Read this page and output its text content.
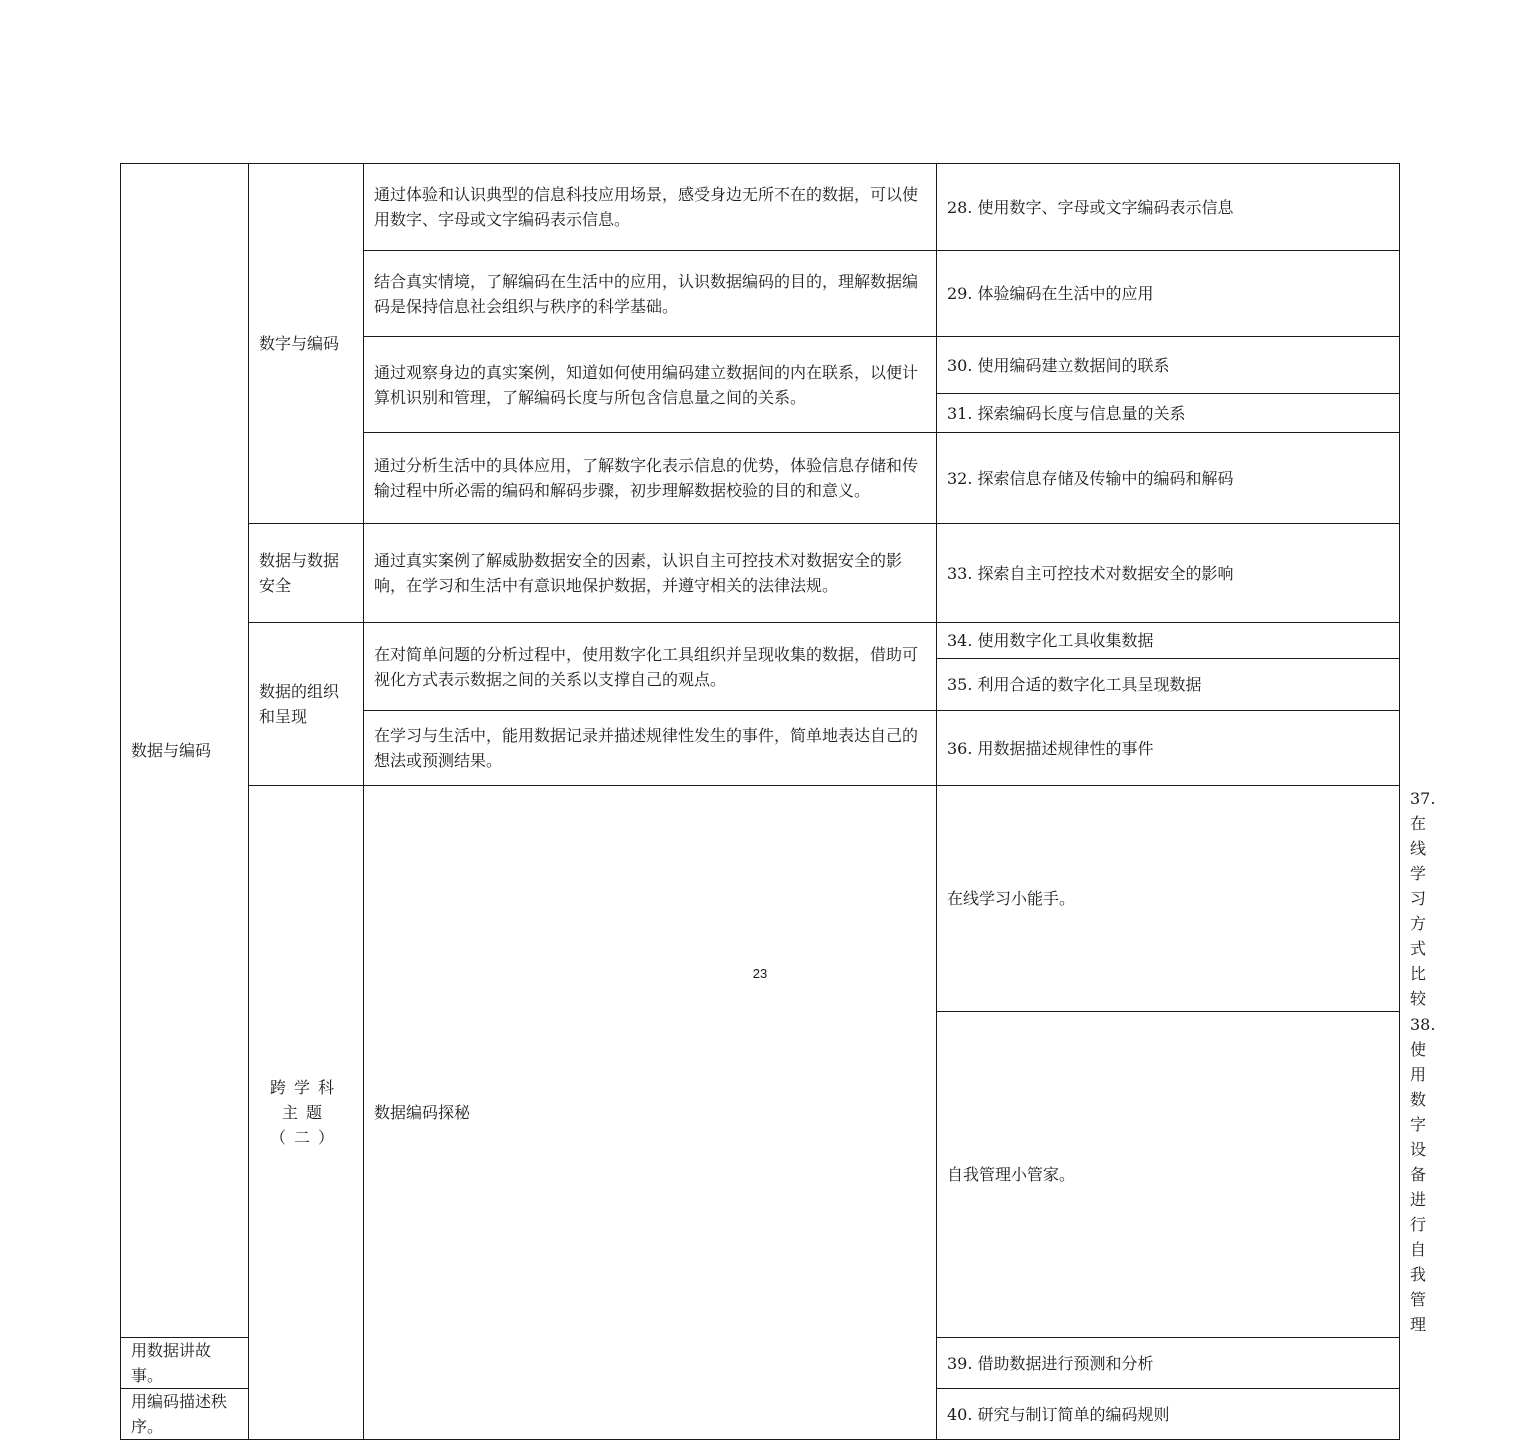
数据与编码	数字与编码	通过体验和认识典型的信息科技应用场景，感受身边无所不在的数据，可以使用数字、字母或文字编码表示信息。	28. 使用数字、字母或文字编码表示信息	
		结合真实情境，了解编码在生活中的应用，认识数据编码的目的，理解数据编码是保持信息社会组织与秩序的科学基础。	29. 体验编码在生活中的应用	
		通过观察身边的真实案例，知道如何使用编码建立数据间的内在联系，以便计算机识别和管理，了解编码长度与所包含信息量之间的关系。	30. 使用编码建立数据间的联系	
			31. 探索编码长度与信息量的关系	
		通过分析生活中的具体应用，了解数字化表示信息的优势，体验信息存储和传输过程中所必需的编码和解码步骤，初步理解数据校验的目的和意义。	32. 探索信息存储及传输中的编码和解码	
	数据与数据安全	通过真实案例了解威胁数据安全的因素，认识自主可控技术对数据安全的影响，在学习和生活中有意识地保护数据，并遵守相关的法律法规。	33. 探索自主可控技术对数据安全的影响	
	数据的组织和呈现	在对简单问题的分析过程中，使用数字化工具组织并呈现收集的数据，借助可视化方式表示数据之间的关系以支撑自己的观点。	34. 使用数字化工具收集数据	
			35. 利用合适的数字化工具呈现数据	
		在学习与生活中，能用数据记录并描述规律性发生的事件，简单地表达自己的想法或预测结果。	36. 用数据描述规律性的事件	
	跨学科主题（二）	数据编码探秘	在线学习小能手。	37. 在线学习方式比较
			自我管理小管家。	38. 使用数字设备进行自我管理
用数据讲故事。			39. 借助数据进行预测和分析	
用编码描述秩序。			40. 研究与制订简单的编码规则	
23
